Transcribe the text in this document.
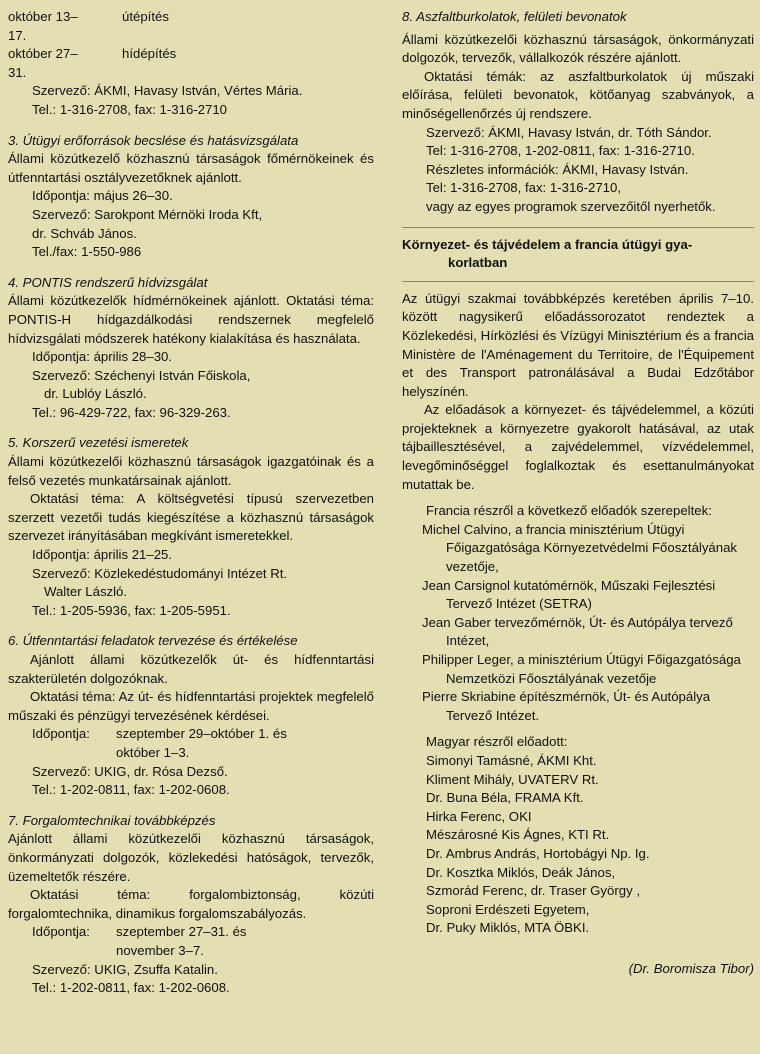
október 13–17.
útépítés
október 27–31.
hídépítés

Szervező: ÁKMI, Havasy István, Vértes Mária.

Tel.: 1-316-2708, fax: 1-316-2710

3. Útügyi erőforrások becslése és hatásvizsgálata

Állami közútkezelő közhasznú társaságok főmérnökeinek és útfenntartási osztályvezetőknek ajánlott.

Időpontja: május 26–30.

Szervező: Sarokpont Mérnöki Iroda Kft,

dr. Schváb János.

Tel./fax: 1-550-986

4. PONTIS rendszerű hídvizsgálat

Állami közútkezelők hídmérnökeinek ajánlott. Oktatási téma: PONTIS-H hídgazdálkodási rendszernek megfelelő hídvizsgálati módszerek hatékony kialakítása és használata.

Időpontja: április 28–30.

Szervező: Széchenyi István Főiskola,

dr. Lublóy László.

Tel.: 96-429-722, fax: 96-329-263.

5. Korszerű vezetési ismeretek

Állami közútkezelői közhasznú társaságok igazgatóinak és a felső vezetés munkatársainak ajánlott.

Oktatási téma: A költségvetési típusú szervezetben szerzett vezetői tudás kiegészítése a közhasznú társaságok szervezet irányításában megkívánt ismeretekkel.

Időpontja: április 21–25.

Szervező: Közlekedéstudományi Intézet Rt.

Walter László.

Tel.: 1-205-5936, fax: 1-205-5951.

6. Útfenntartási feladatok tervezése és értékelése

Ajánlott állami közútkezelők út- és hídfenntartási szakterületén dolgozóknak.

Oktatási téma: Az út- és hídfenntartási projektek megfelelő műszaki és pénzügyi tervezésének kérdései.

Időpontja:	szeptember 29–október 1. és október 1–3.

Szervező: UKIG, dr. Rósa Dezső.

Tel.: 1-202-0811, fax: 1-202-0608.

7. Forgalomtechnikai továbbképzés

Ajánlott állami közútkezelői közhasznú társaságok, önkormányzati dolgozók, közlekedési hatóságok, tervezők, üzemeltetők részére.

Oktatási téma: forgalombiztonság, közúti forgalomtechnika, dinamikus forgalomszabályozás.

Időpontja:	szeptember 27–31. és november 3–7.

Szervező: UKIG, Zsuffa Katalin.

Tel.: 1-202-0811, fax: 1-202-0608.

8. Aszfaltburkolatok, felületi bevonatok

Állami közútkezelői közhasznú társaságok, önkormányzati dolgozók, tervezők, vállalkozók részére ajánlott.

Oktatási témák: az aszfaltburkolatok új műszaki előírása, felületi bevonatok, kötőanyag szabványok, a minőségellenőrzés új rendszere.

Szervező: ÁKMI, Havasy István, dr. Tóth Sándor.

Tel: 1-316-2708, 1-202-0811, fax: 1-316-2710.

Részletes információk: ÁKMI, Havasy István.

Tel: 1-316-2708, fax: 1-316-2710,

vagy az egyes programok szervezőitől nyerhetők.

Környezet- és tájvédelem a francia útügyi gya-

korlatban

Az útügyi szakmai továbbképzés keretében április 7–10. között nagysikerű előadássorozatot rendeztek a Közlekedési, Hírközlési és Vízügyi Minisztérium és a francia Ministère de l'Aménagement du Territoire, de l'Équipement et des Transport patronálásával a Budai Edzőtábor helyszínén.

Az előadások a környezet- és tájvédelemmel, a közúti projekteknek a környezetre gyakorolt hatásával, az utak tájbaillesztésével, a zajvédelemmel, vízvédelemmel, levegőminőséggel foglalkoztak és esettanulmányokat mutattak be.

Francia részről a következő előadók szerepeltek:

Michel Calvino, a francia minisztérium Útügyi Főigazgatósága Környezetvédelmi Főosztályának vezetője,

Jean Carsignol kutatómérnök, Műszaki Fejlesztési Tervező Intézet (SETRA)

Jean Gaber tervezőmérnök, Út- és Autópálya tervező Intézet,

Philipper Leger, a minisztérium Útügyi Főigazgatósága Nemzetközi Főosztályának vezetője

Pierre Skriabine építészmérnök, Út- és Autópálya Tervező Intézet.

Magyar részről előadott:

Simonyi Tamásné, ÁKMI Kht.

Kliment Mihály, UVATERV Rt.

Dr. Buna Béla, FRAMA Kft.

Hirka Ferenc, OKI

Mészárosné Kis Ágnes, KTI Rt.

Dr. Ambrus András, Hortobágyi Np. Ig.

Dr. Kosztka Miklós, Deák János,

Szmorád Ferenc, dr. Traser György ,

Soproni Erdészeti Egyetem,

Dr. Puky Miklós, MTA ÖBKI.

(Dr. Boromisza Tibor)
